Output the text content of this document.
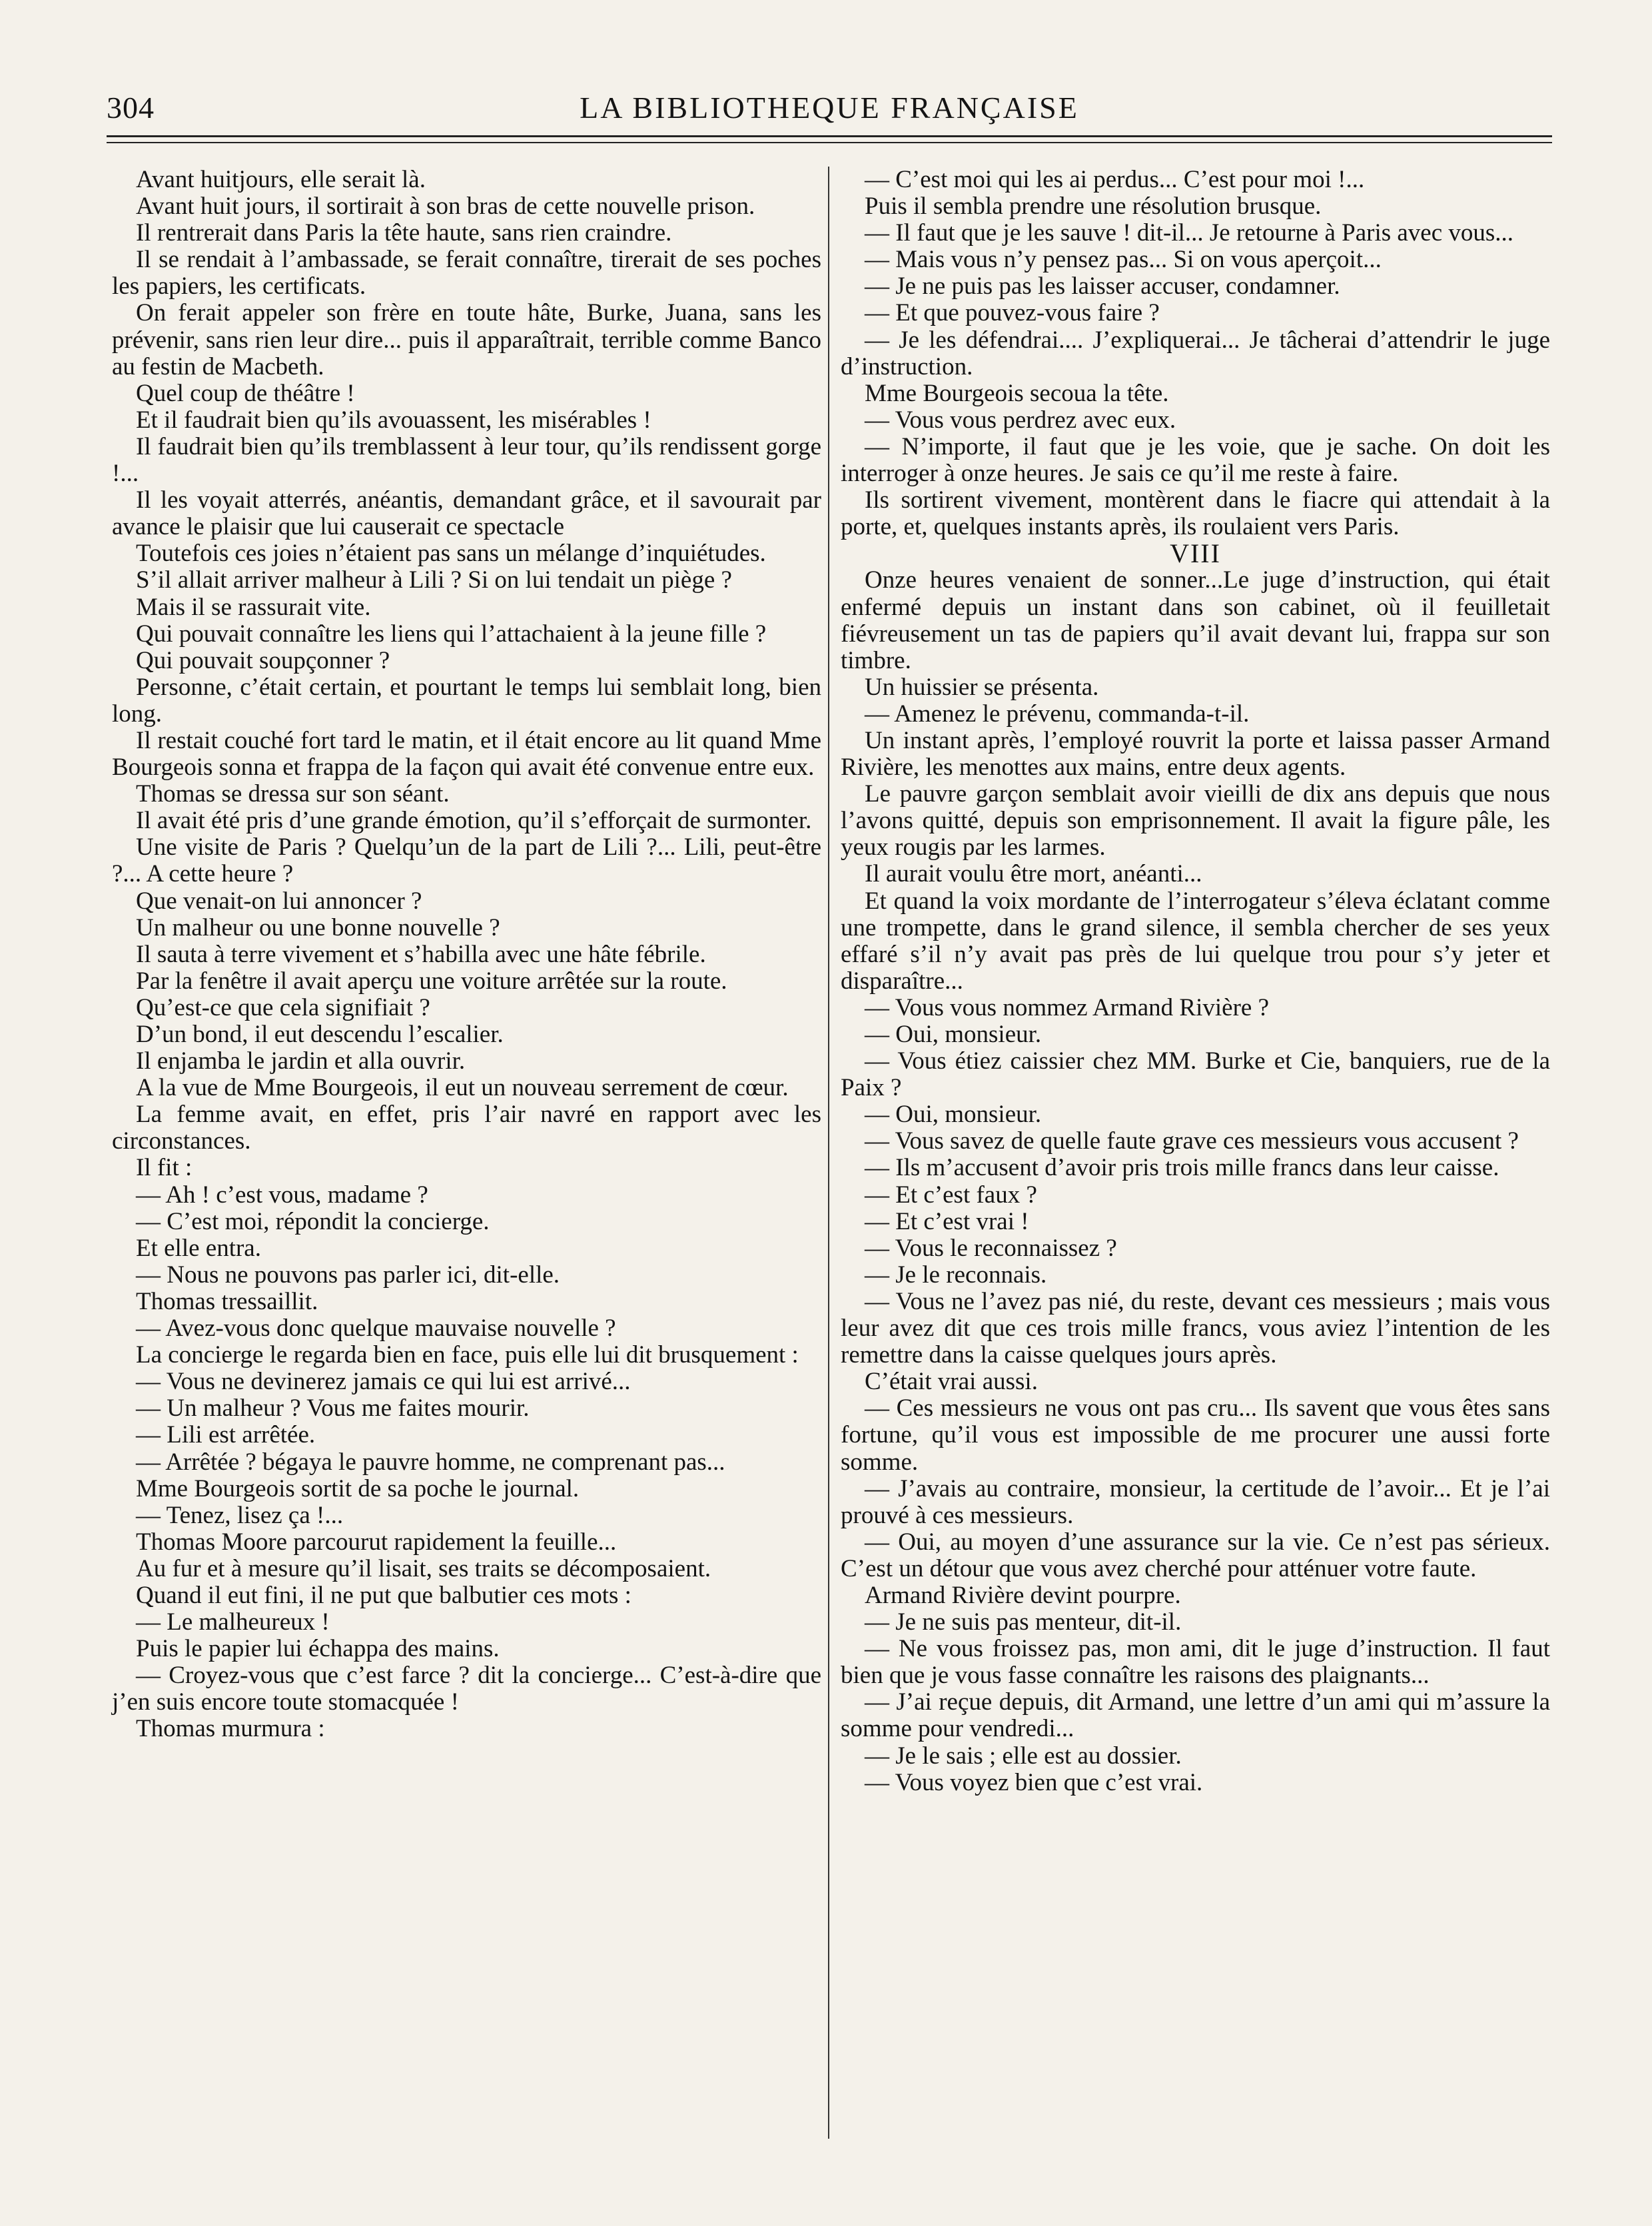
304	LA BIBLIOTHEQUE FRANÇAISE

Avant huitjours, elle serait là.

Avant huit jours, il sortirait à son bras de cette nouvelle prison.

Il rentrerait dans Paris la tête haute, sans rien craindre.

Il se rendait à l’ambassade, se ferait connaître, tirerait de ses poches les papiers, les certificats.

On ferait appeler son frère en toute hâte, Burke, Juana, sans les prévenir, sans rien leur dire... puis il apparaîtrait, terrible comme Banco au festin de Macbeth.

Quel coup de théâtre !

Et il faudrait bien qu’ils avouassent, les misérables !

Il faudrait bien qu’ils tremblassent à leur tour, qu’ils rendissent gorge !...

Il les voyait atterrés, anéantis, demandant grâce, et il savourait par avance le plaisir que lui causerait ce spectacle

Toutefois ces joies n’étaient pas sans un mélange d’inquiétudes.

S’il allait arriver malheur à Lili ? Si on lui tendait un piège ?

Mais il se rassurait vite.

Qui pouvait connaître les liens qui l’attachaient à la jeune fille ?

Qui pouvait soupçonner ?

Personne, c’était certain, et pourtant le temps lui semblait long, bien long.

Il restait couché fort tard le matin, et il était encore au lit quand Mme Bourgeois sonna et frappa de la façon qui avait été convenue entre eux.

Thomas se dressa sur son séant.

Il avait été pris d’une grande émotion, qu’il s’efforçait de surmonter.

Une visite de Paris ? Quelqu’un de la part de Lili ?... Lili, peut-être ?... A cette heure ?

Que venait-on lui annoncer ?

Un malheur ou une bonne nouvelle ?

Il sauta à terre vivement et s’habilla avec une hâte fébrile.

Par la fenêtre il avait aperçu une voiture arrêtée sur la route.

Qu’est-ce que cela signifiait ?

D’un bond, il eut descendu l’escalier.

Il enjamba le jardin et alla ouvrir.

A la vue de Mme Bourgeois, il eut un nouveau serrement de cœur.

La femme avait, en effet, pris l’air navré en rapport avec les circonstances.

Il fit :

— Ah ! c’est vous, madame ?

— C’est moi, répondit la concierge.

Et elle entra.

— Nous ne pouvons pas parler ici, dit-elle.

Thomas tressaillit.

— Avez-vous donc quelque mauvaise nouvelle ?

La concierge le regarda bien en face, puis elle lui dit brusquement :

— Vous ne devinerez jamais ce qui lui est arrivé...

— Un malheur ? Vous me faites mourir.

— Lili est arrêtée.

— Arrêtée ? bégaya le pauvre homme, ne comprenant pas...

Mme Bourgeois sortit de sa poche le journal.

— Tenez, lisez ça !...

Thomas Moore parcourut rapidement la feuille...

Au fur et à mesure qu’il lisait, ses traits se décomposaient.

Quand il eut fini, il ne put que balbutier ces mots :

— Le malheureux !

Puis le papier lui échappa des mains.

— Croyez-vous que c’est farce ? dit la concierge... C’est-à-dire que j’en suis encore toute stomacquée !

Thomas murmura :

— C’est moi qui les ai perdus... C’est pour moi !...

Puis il sembla prendre une résolution brusque.

— Il faut que je les sauve ! dit-il... Je retourne à Paris avec vous...

— Mais vous n’y pensez pas... Si on vous aperçoit...

— Je ne puis pas les laisser accuser, condamner.

— Et que pouvez-vous faire ?

— Je les défendrai.... J’expliquerai... Je tâcherai d’attendrir le juge d’instruction.

Mme Bourgeois secoua la tête.

— Vous vous perdrez avec eux.

— N’importe, il faut que je les voie, que je sache. On doit les interroger à onze heures. Je sais ce qu’il me reste à faire.

Ils sortirent vivement, montèrent dans le fiacre qui attendait à la porte, et, quelques instants après, ils roulaient vers Paris.

VIII

Onze heures venaient de sonner...Le juge d’instruction, qui était enfermé depuis un instant dans son cabinet, où il feuilletait fiévreusement un tas de papiers qu’il avait devant lui, frappa sur son timbre.

Un huissier se présenta.

— Amenez le prévenu, commanda-t-il.

Un instant après, l’employé rouvrit la porte et laissa passer Armand Rivière, les menottes aux mains, entre deux agents.

Le pauvre garçon semblait avoir vieilli de dix ans depuis que nous l’avons quitté, depuis son emprisonnement. Il avait la figure pâle, les yeux rougis par les larmes.

Il aurait voulu être mort, anéanti...

Et quand la voix mordante de l’interrogateur s’éleva éclatant comme une trompette, dans le grand silence, il sembla chercher de ses yeux effaré s’il n’y avait pas près de lui quelque trou pour s’y jeter et disparaître...

— Vous vous nommez Armand Rivière ?

— Oui, monsieur.

— Vous étiez caissier chez MM. Burke et Cie, banquiers, rue de la Paix ?

— Oui, monsieur.

— Vous savez de quelle faute grave ces messieurs vous accusent ?

— Ils m’accusent d’avoir pris trois mille francs dans leur caisse.

— Et c’est faux ?

— Et c’est vrai !

— Vous le reconnaissez ?

— Je le reconnais.

— Vous ne l’avez pas nié, du reste, devant ces messieurs ; mais vous leur avez dit que ces trois mille francs, vous aviez l’intention de les remettre dans la caisse quelques jours après.

C’était vrai aussi.

— Ces messieurs ne vous ont pas cru... Ils savent que vous êtes sans fortune, qu’il vous est impossible de me procurer une aussi forte somme.

— J’avais au contraire, monsieur, la certitude de l’avoir... Et je l’ai prouvé à ces messieurs.

— Oui, au moyen d’une assurance sur la vie. Ce n’est pas sérieux. C’est un détour que vous avez cherché pour atténuer votre faute.

Armand Rivière devint pourpre.

— Je ne suis pas menteur, dit-il.

— Ne vous froissez pas, mon ami, dit le juge d’instruction. Il faut bien que je vous fasse connaître les raisons des plaignants...

— J’ai reçue depuis, dit Armand, une lettre d’un ami qui m’assure la somme pour vendredi...

— Je le sais ; elle est au dossier.

— Vous voyez bien que c’est vrai.
